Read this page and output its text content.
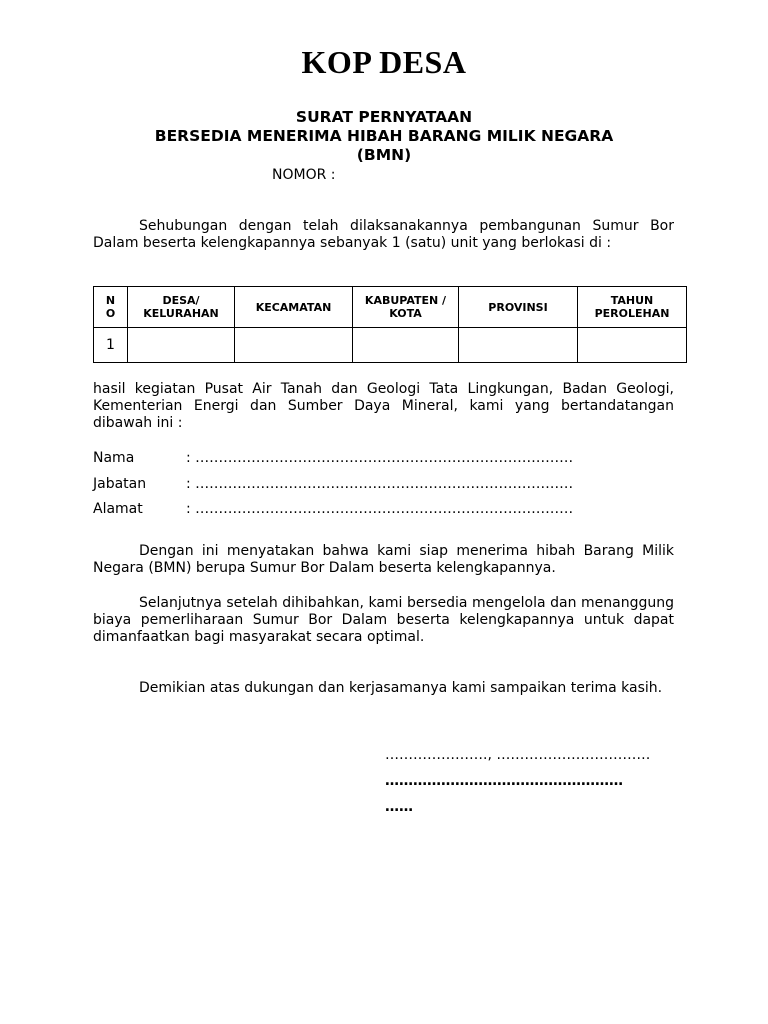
KOP DESA
SURAT PERNYATAAN
BERSEDIA MENERIMA HIBAH BARANG MILIK NEGARA
(BMN)
NOMOR :
Sehubungan dengan telah dilaksanakannya pembangunan Sumur Bor Dalam beserta kelengkapannya sebanyak 1 (satu) unit yang berlokasi di :
N O	DESA/ KELURAHAN	KECAMATAN	KABUPATEN / KOTA	PROVINSI	TAHUN PEROLEHAN
1					
hasil kegiatan Pusat Air Tanah dan Geologi Tata Lingkungan, Badan Geologi, Kementerian Energi dan Sumber Daya Mineral, kami yang bertandatangan dibawah ini :
Nama	: ………………………………………………………………………
Jabatan	: ………………………………………………………………………
Alamat	: ………………………………………………………………………
Dengan ini menyatakan bahwa kami siap menerima hibah Barang Milik Negara (BMN) berupa Sumur Bor Dalam beserta kelengkapannya.
Selanjutnya setelah dihibahkan, kami bersedia mengelola dan menanggung biaya pemerliharaan Sumur Bor Dalam beserta kelengkapannya untuk dapat dimanfaatkan bagi masyarakat secara optimal.
Demikian atas dukungan dan kerjasamanya kami sampaikan terima kasih.
…………………., ……………………………
……………………………………………
……
